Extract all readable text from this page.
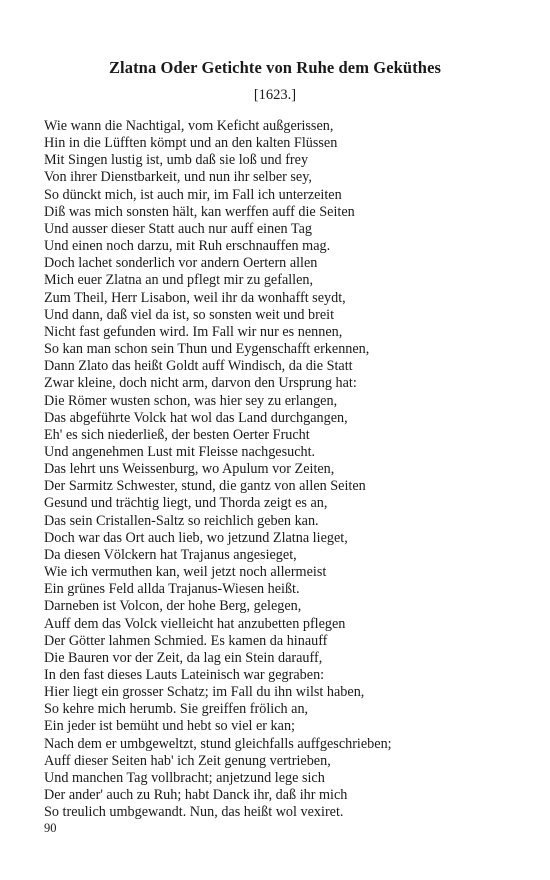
Zlatna Oder Getichte von Ruhe dem Geküthes
[1623.]
Wie wann die Nachtigal, vom Keficht außgerissen,
Hin in die Lüfften kömpt und an den kalten Flüssen
Mit Singen lustig ist, umb daß sie loß und frey
Von ihrer Dienstbarkeit, und nun ihr selber sey,
So dünckt mich, ist auch mir, im Fall ich unterzeiten
Diß was mich sonsten hält, kan werffen auff die Seiten
Und ausser dieser Statt auch nur auff einen Tag
Und einen noch darzu, mit Ruh erschnauffen mag.
Doch lachet sonderlich vor andern Oertern allen
Mich euer Zlatna an und pflegt mir zu gefallen,
Zum Theil, Herr Lisabon, weil ihr da wonhafft seydt,
Und dann, daß viel da ist, so sonsten weit und breit
Nicht fast gefunden wird. Im Fall wir nur es nennen,
So kan man schon sein Thun und Eygenschafft erkennen,
Dann Zlato das heißt Goldt auff Windisch, da die Statt
Zwar kleine, doch nicht arm, darvon den Ursprung hat:
Die Römer wusten schon, was hier sey zu erlangen,
Das abgeführte Volck hat wol das Land durchgangen,
Eh' es sich niederließ, der besten Oerter Frucht
Und angenehmen Lust mit Fleisse nachgesucht.
Das lehrt uns Weissenburg, wo Apulum vor Zeiten,
Der Sarmitz Schwester, stund, die gantz von allen Seiten
Gesund und trächtig liegt, und Thorda zeigt es an,
Das sein Cristallen-Saltz so reichlich geben kan.
Doch war das Ort auch lieb, wo jetzund Zlatna lieget,
Da diesen Völckern hat Trajanus angesieget,
Wie ich vermuthen kan, weil jetzt noch allermeist
Ein grünes Feld allda Trajanus-Wiesen heißt.
Darneben ist Volcon, der hohe Berg, gelegen,
Auff dem das Volck vielleicht hat anzubetten pflegen
Der Götter lahmen Schmied. Es kamen da hinauff
Die Bauren vor der Zeit, da lag ein Stein darauff,
In den fast dieses Lauts Lateinisch war gegraben:
Hier liegt ein grosser Schatz; im Fall du ihn wilst haben,
So kehre mich herumb. Sie greiffen frölich an,
Ein jeder ist bemüht und hebt so viel er kan;
Nach dem er umbgeweltzt, stund gleichfalls auffgeschrieben;
Auff dieser Seiten hab' ich Zeit genung vertrieben,
Und manchen Tag vollbracht; anjetzund lege sich
Der ander' auch zu Ruh; habt Danck ihr, daß ihr mich
So treulich umbgewandt. Nun, das heißt wol vexiret.
90
